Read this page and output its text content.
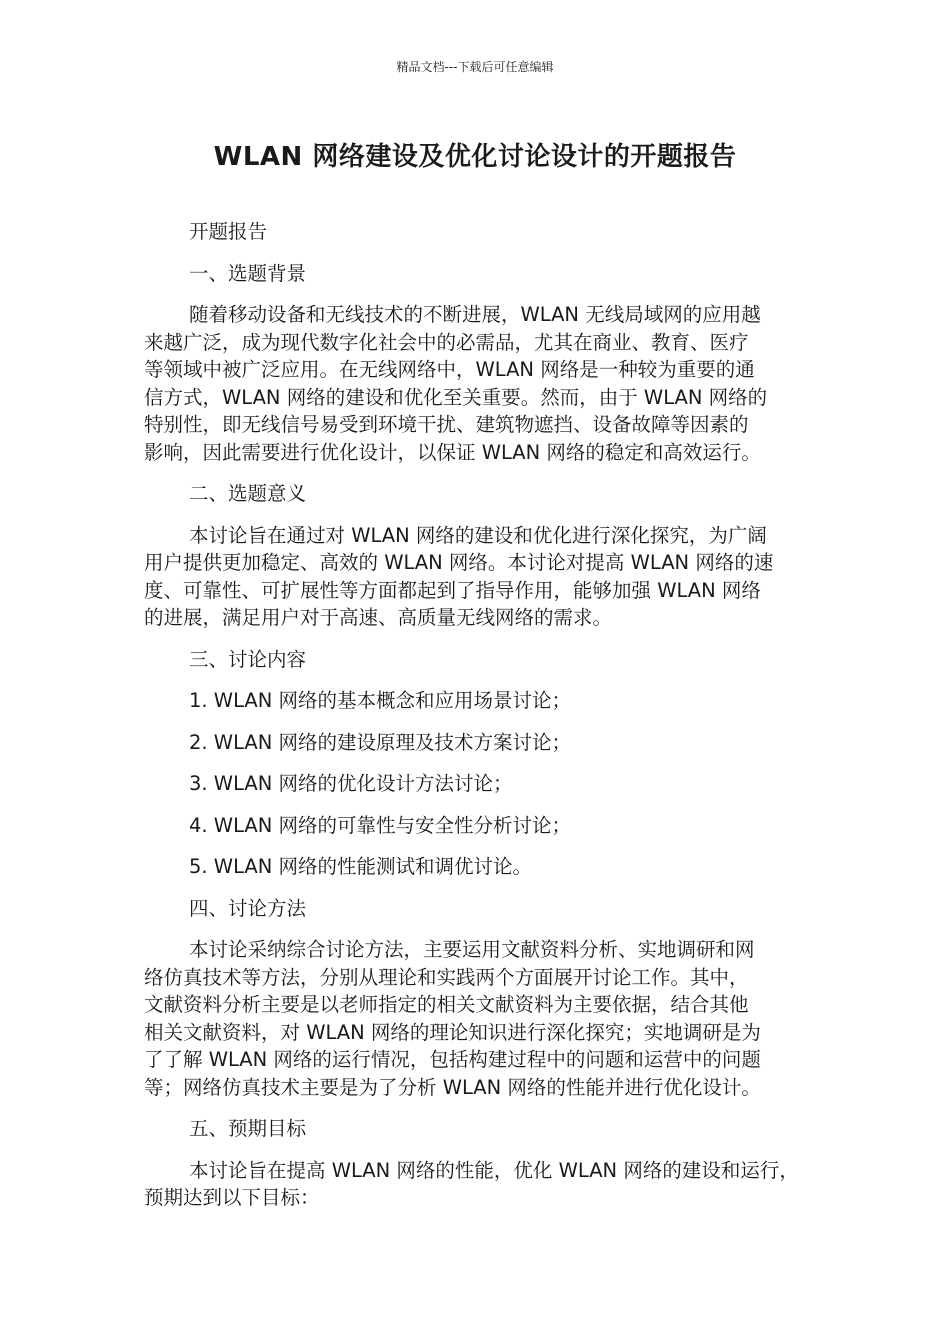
精品文档---下载后可任意编辑
WLAN 网络建设及优化讨论设计的开题报告
开题报告
一、选题背景
随着移动设备和无线技术的不断进展，WLAN 无线局域网的应用越
来越广泛，成为现代数字化社会中的必需品，尤其在商业、教育、医疗
等领域中被广泛应用。在无线网络中，WLAN 网络是一种较为重要的通
信方式，WLAN 网络的建设和优化至关重要。然而，由于 WLAN 网络的
特别性，即无线信号易受到环境干扰、建筑物遮挡、设备故障等因素的
影响，因此需要进行优化设计，以保证 WLAN 网络的稳定和高效运行。
二、选题意义
本讨论旨在通过对 WLAN 网络的建设和优化进行深化探究，为广阔
用户提供更加稳定、高效的 WLAN 网络。本讨论对提高 WLAN 网络的速
度、可靠性、可扩展性等方面都起到了指导作用，能够加强 WLAN 网络
的进展，满足用户对于高速、高质量无线网络的需求。
三、讨论内容
1. WLAN 网络的基本概念和应用场景讨论；
2. WLAN 网络的建设原理及技术方案讨论；
3. WLAN 网络的优化设计方法讨论；
4. WLAN 网络的可靠性与安全性分析讨论；
5. WLAN 网络的性能测试和调优讨论。
四、讨论方法
本讨论采纳综合讨论方法，主要运用文献资料分析、实地调研和网
络仿真技术等方法，分别从理论和实践两个方面展开讨论工作。其中，
文献资料分析主要是以老师指定的相关文献资料为主要依据，结合其他
相关文献资料，对 WLAN 网络的理论知识进行深化探究；实地调研是为
了了解 WLAN 网络的运行情况，包括构建过程中的问题和运营中的问题
等；网络仿真技术主要是为了分析 WLAN 网络的性能并进行优化设计。
五、预期目标
本讨论旨在提高 WLAN 网络的性能，优化 WLAN 网络的建设和运行，
预期达到以下目标：
